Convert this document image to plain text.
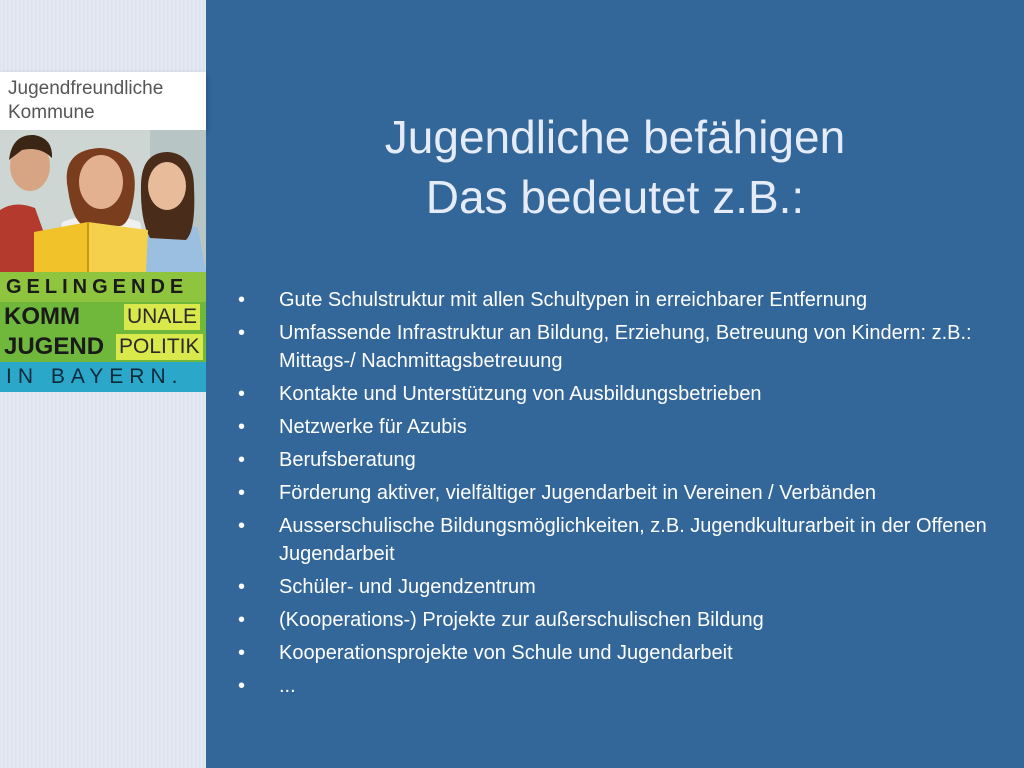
Jugendfreundliche
Kommune
GELINGENDE
KOMM UNALE
JUGEND POLITIK
IN BAYERN.
Jugendliche befähigen
Das bedeutet z.B.:
• Gute Schulstruktur mit allen Schultypen in erreichbarer Entfernung
• Umfassende Infrastruktur an Bildung, Erziehung, Betreuung von Kindern: z.B.: Mittags-/ Nachmittagsbetreuung
• Kontakte und Unterstützung von Ausbildungsbetrieben
• Netzwerke für Azubis
• Berufsberatung
• Förderung aktiver, vielfältiger Jugendarbeit in Vereinen / Verbänden
• Ausserschulische Bildungsmöglichkeiten, z.B. Jugendkulturarbeit in der Offenen Jugendarbeit
• Schüler- und Jugendzentrum
• (Kooperations-) Projekte zur außerschulischen Bildung
• Kooperationsprojekte von Schule und Jugendarbeit
• ...
